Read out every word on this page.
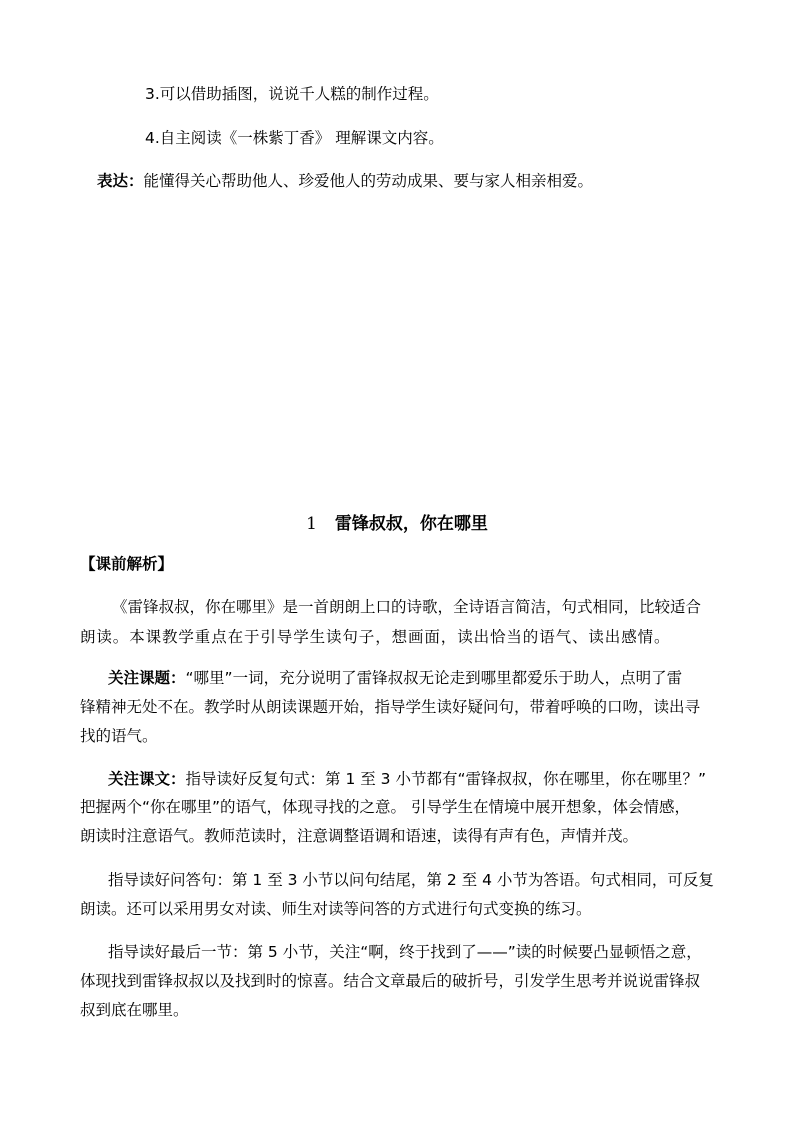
3.可以借助插图，说说千人糕的制作过程。
4.自主阅读《一株紫丁香》 理解课文内容。
表达：能懂得关心帮助他人、珍爱他人的劳动成果、要与家人相亲相爱。
1 雷锋叔叔，你在哪里
【课前解析】
《雷锋叔叔，你在哪里》是一首朗朗上口的诗歌，全诗语言简洁，句式相同，比较适合
朗读。本课教学重点在于引导学生读句子，想画面，读出恰当的语气、读出感情。
关注课题：“哪里”一词，充分说明了雷锋叔叔无论走到哪里都爱乐于助人，点明了雷
锋精神无处不在。教学时从朗读课题开始，指导学生读好疑问句，带着呼唤的口吻，读出寻
找的语气。
关注课文：指导读好反复句式：第 1 至 3 小节都有“雷锋叔叔，你在哪里，你在哪里？”
把握两个“你在哪里”的语气，体现寻找的之意。 引导学生在情境中展开想象，体会情感，
朗读时注意语气。教师范读时，注意调整语调和语速，读得有声有色，声情并茂。
指导读好问答句：第 1 至 3 小节以问句结尾，第 2 至 4 小节为答语。句式相同，可反复
朗读。还可以采用男女对读、师生对读等问答的方式进行句式变换的练习。
指导读好最后一节：第 5 小节，关注“啊，终于找到了——”读的时候要凸显顿悟之意，
体现找到雷锋叔叔以及找到时的惊喜。结合文章最后的破折号，引发学生思考并说说雷锋叔
叔到底在哪里。
